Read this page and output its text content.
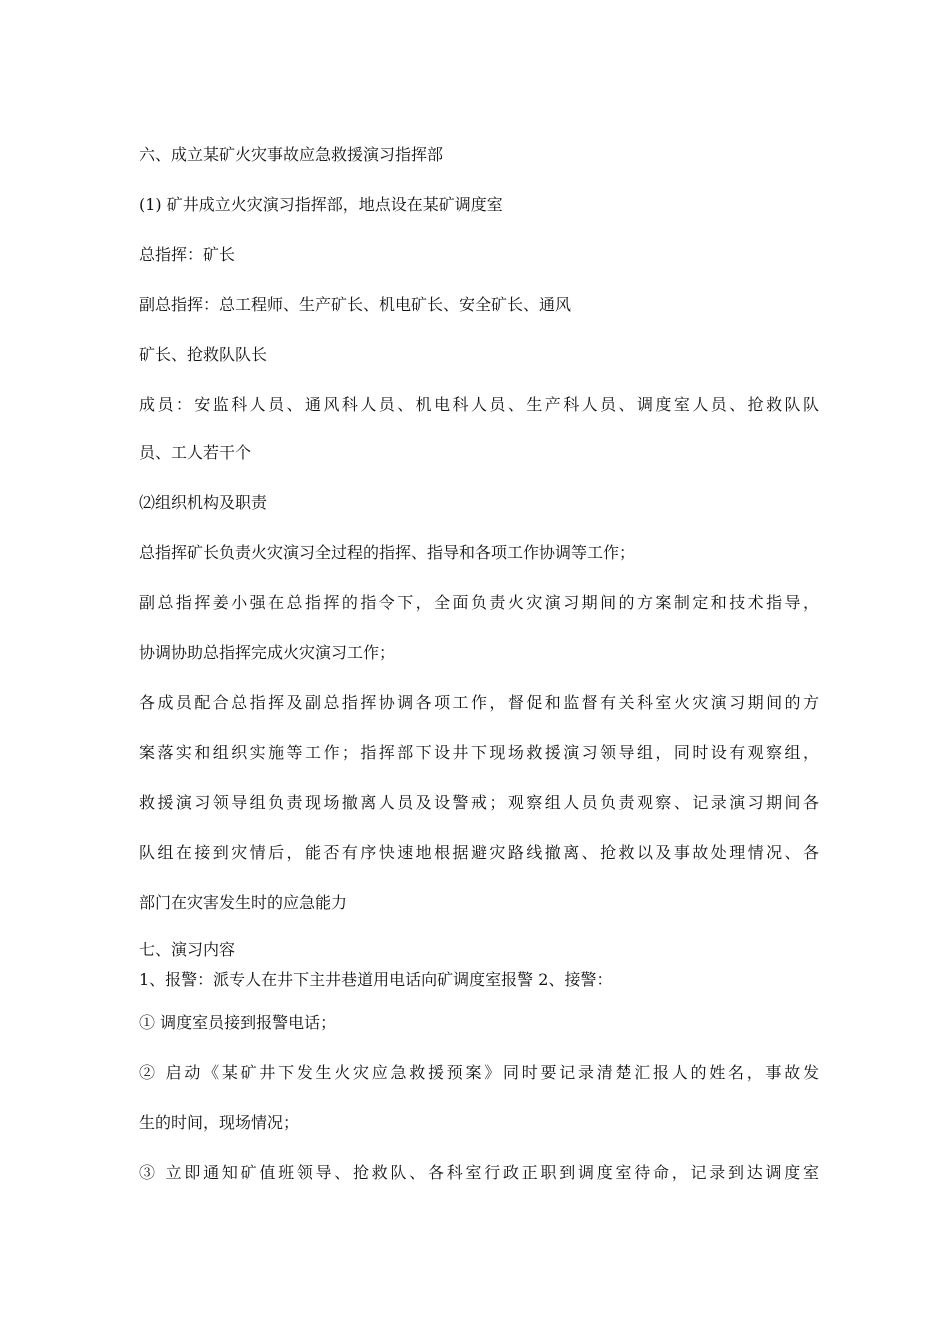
六、成立某矿火灾事故应急救援演习指挥部
(1) 矿井成立火灾演习指挥部，地点设在某矿调度室
总指挥：矿长
副总指挥：总工程师、生产矿长、机电矿长、安全矿长、通风
矿长、抢救队队长
成员：安监科人员、通风科人员、机电科人员、生产科人员、调度室人员、抢救队队
员、工人若干个
⑵组织机构及职责
总指挥矿长负责火灾演习全过程的指挥、指导和各项工作协调等工作；
副总指挥姜小强在总指挥的指令下，全面负责火灾演习期间的方案制定和技术指导，
协调协助总指挥完成火灾演习工作；
各成员配合总指挥及副总指挥协调各项工作，督促和监督有关科室火灾演习期间的方
案落实和组织实施等工作；指挥部下设井下现场救援演习领导组，同时设有观察组，
救援演习领导组负责现场撤离人员及设警戒；观察组人员负责观察、记录演习期间各
队组在接到灾情后，能否有序快速地根据避灾路线撤离、抢救以及事故处理情况、各
部门在灾害发生时的应急能力
七、演习内容
1、报警：派专人在井下主井巷道用电话向矿调度室报警 2、接警：
① 调度室员接到报警电话；
② 启动《某矿井下发生火灾应急救援预案》同时要记录清楚汇报人的姓名，事故发
生的时间，现场情况；
③ 立即通知矿值班领导、抢救队、各科室行政正职到调度室待命，记录到达调度室
